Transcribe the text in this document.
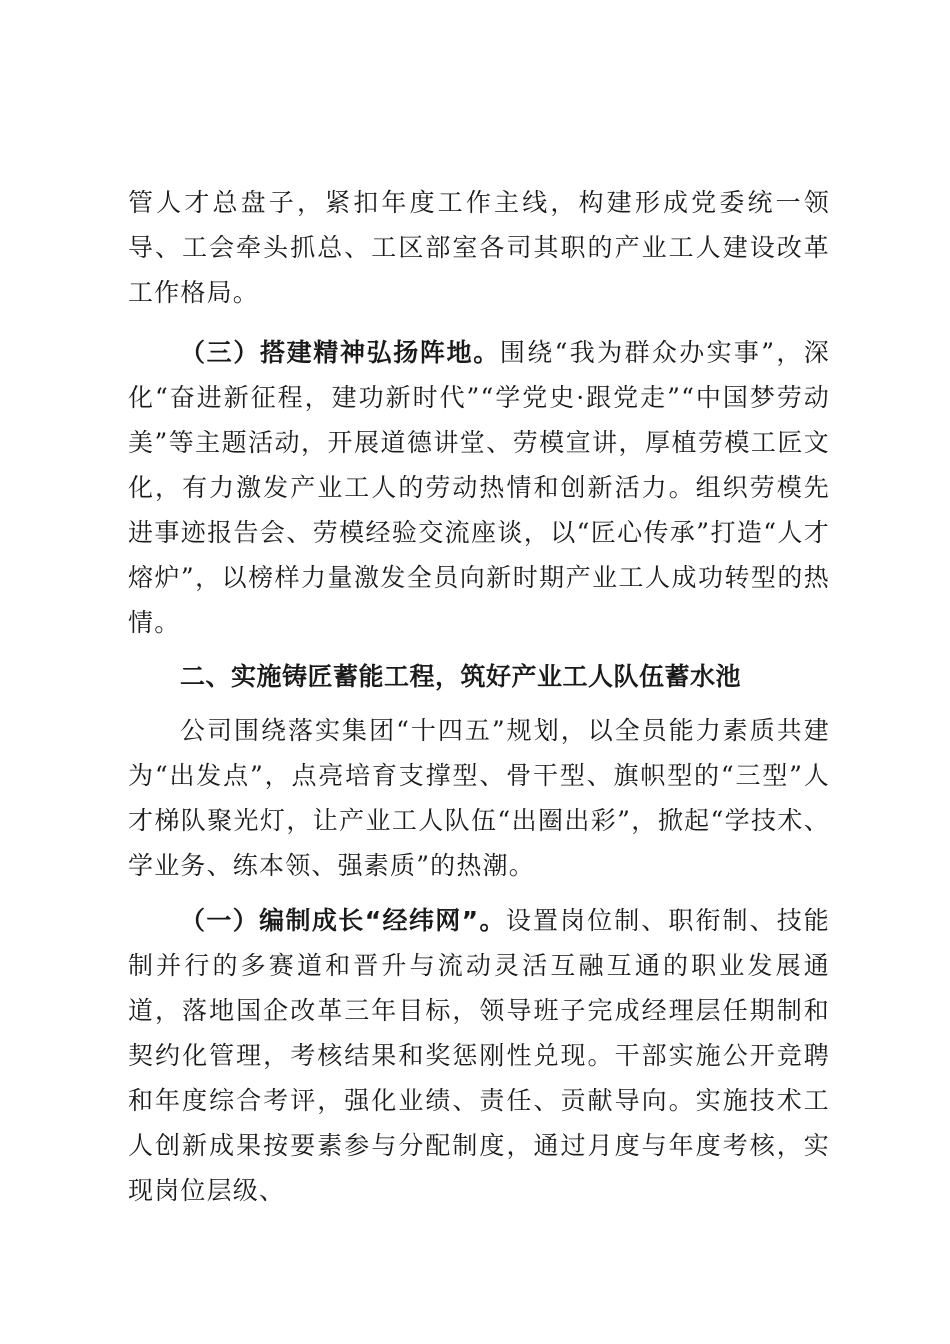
管人才总盘子，紧扣年度工作主线，构建形成党委统一领导、工会牵头抓总、工区部室各司其职的产业工人建设改革工作格局。
（三）搭建精神弘扬阵地。围绕“我为群众办实事”，深化“奋进新征程，建功新时代”“学党史·跟党走”“中国梦劳动美”等主题活动，开展道德讲堂、劳模宣讲，厚植劳模工匠文化，有力激发产业工人的劳动热情和创新活力。组织劳模先进事迹报告会、劳模经验交流座谈，以“匠心传承”打造“人才熔炉”，以榜样力量激发全员向新时期产业工人成功转型的热情。
二、实施铸匠蓄能工程，筑好产业工人队伍蓄水池
公司围绕落实集团“十四五”规划，以全员能力素质共建为“出发点”，点亮培育支撑型、骨干型、旗帜型的“三型”人才梯队聚光灯，让产业工人队伍“出圈出彩”，掀起“学技术、学业务、练本领、强素质”的热潮。
（一）编制成长“经纬网”。设置岗位制、职衔制、技能制并行的多赛道和晋升与流动灵活互融互通的职业发展通道，落地国企改革三年目标，领导班子完成经理层任期制和契约化管理，考核结果和奖惩刚性兑现。干部实施公开竞聘和年度综合考评，强化业绩、责任、贡献导向。实施技术工人创新成果按要素参与分配制度，通过月度与年度考核，实现岗位层级、
